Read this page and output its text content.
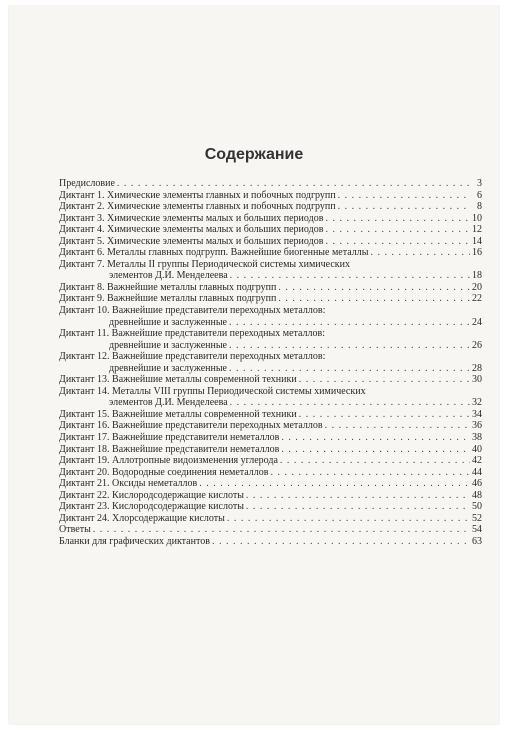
Содержание
Предисловие . . .	3
Диктант 1. Химические элементы главных и побочных подгрупп . . .	6
Диктант 2. Химические элементы главных и побочных подгрупп . . .	8
Диктант 3. Химические элементы малых и больших периодов . . .	10
Диктант 4. Химические элементы малых и больших периодов . . .	12
Диктант 5. Химические элементы малых и больших периодов . . .	14
Диктант 6. Металлы главных подгрупп. Важнейшие биогенные металлы . . .	16
Диктант 7. Металлы II группы Периодической системы химических
элементов Д.И. Менделеева . . .	18
Диктант 8. Важнейшие металлы главных подгрупп . . .	20
Диктант 9. Важнейшие металлы главных подгрупп . . .	22
Диктант 10. Важнейшие представители переходных металлов:
древнейшие и заслуженные . . .	24
Диктант 11. Важнейшие представители переходных металлов:
древнейшие и заслуженные . . .	26
Диктант 12. Важнейшие представители переходных металлов:
древнейшие и заслуженные . . .	28
Диктант 13. Важнейшие металлы современной техники . . .	30
Диктант 14. Металлы VIII группы Периодической системы химических
элементов Д.И. Менделеева . . .	32
Диктант 15. Важнейшие металлы современной техники . . .	34
Диктант 16. Важнейшие представители переходных металлов . . .	36
Диктант 17. Важнейшие представители неметаллов . . .	38
Диктант 18. Важнейшие представители неметаллов . . .	40
Диктант 19. Аллотропные видоизменения углерода . . .	42
Диктант 20. Водородные соединения неметаллов . . .	44
Диктант 21. Оксиды неметаллов . . .	46
Диктант 22. Кислородсодержащие кислоты . . .	48
Диктант 23. Кислородсодержащие кислоты . . .	50
Диктант 24. Хлорсодержащие кислоты . . .	52
Ответы . . .	54
Бланки для графических диктантов . . .	63
